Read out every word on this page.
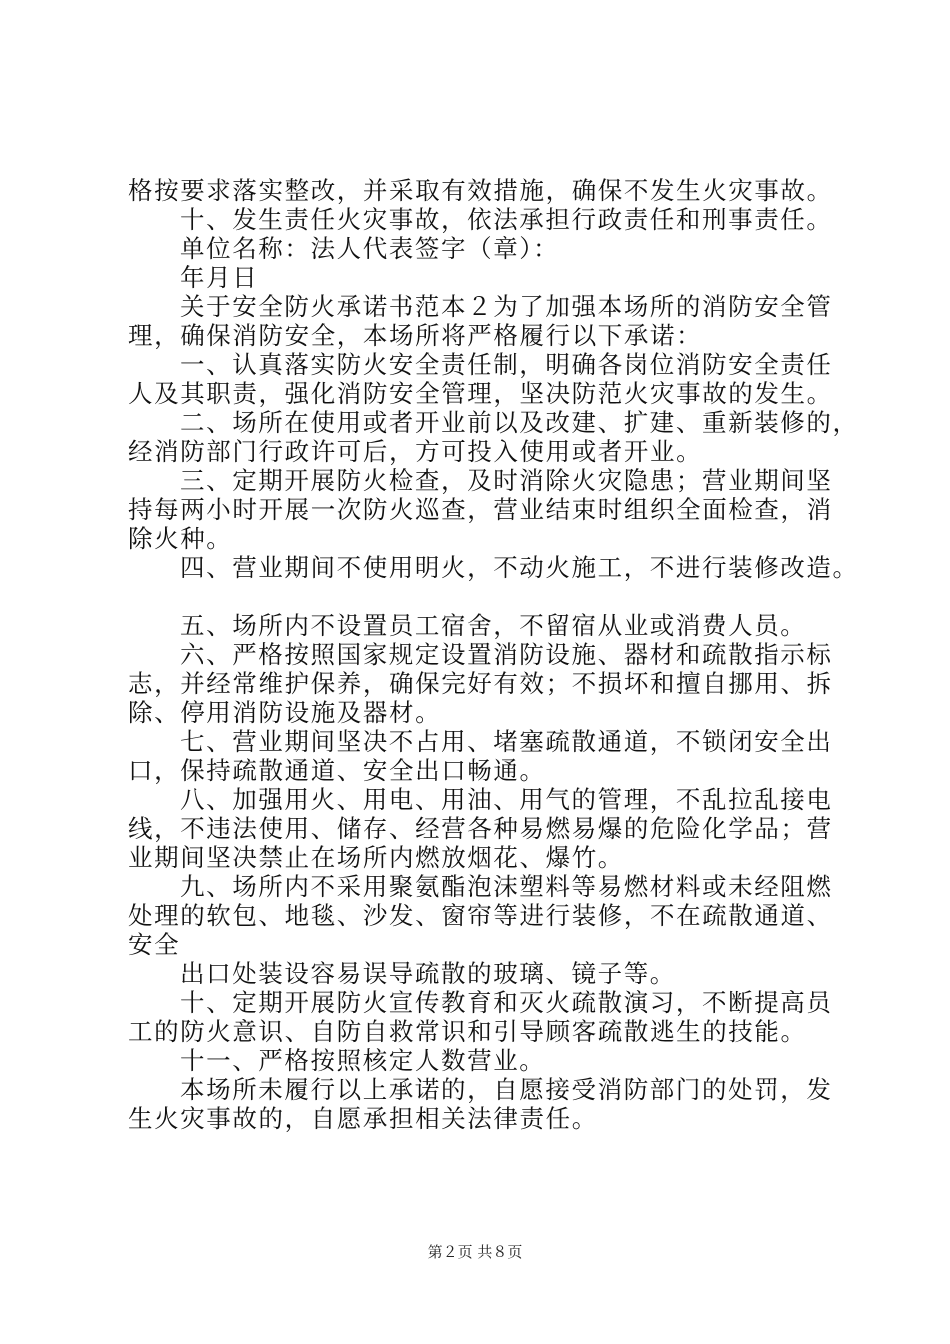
格按要求落实整改，并采取有效措施，确保不发生火灾事故。
十、发生责任火灾事故，依法承担行政责任和刑事责任。
单位名称：法人代表签字（章）：
年月日
关于安全防火承诺书范本２为了加强本场所的消防安全管
理，确保消防安全，本场所将严格履行以下承诺：
一、认真落实防火安全责任制，明确各岗位消防安全责任
人及其职责，强化消防安全管理，坚决防范火灾事故的发生。
二、场所在使用或者开业前以及改建、扩建、重新装修的，
经消防部门行政许可后，方可投入使用或者开业。
三、定期开展防火检查，及时消除火灾隐患；营业期间坚
持每两小时开展一次防火巡查，营业结束时组织全面检查，消
除火种。
四、营业期间不使用明火，不动火施工，不进行装修改造。
五、场所内不设置员工宿舍，不留宿从业或消费人员。
六、严格按照国家规定设置消防设施、器材和疏散指示标
志，并经常维护保养，确保完好有效；不损坏和擅自挪用、拆
除、停用消防设施及器材。
七、营业期间坚决不占用、堵塞疏散通道，不锁闭安全出
口，保持疏散通道、安全出口畅通。
八、加强用火、用电、用油、用气的管理，不乱拉乱接电
线，不违法使用、储存、经营各种易燃易爆的危险化学品；营
业期间坚决禁止在场所内燃放烟花、爆竹。
九、场所内不采用聚氨酯泡沫塑料等易燃材料或未经阻燃
处理的软包、地毯、沙发、窗帘等进行装修，不在疏散通道、
安全
出口处装设容易误导疏散的玻璃、镜子等。
十、定期开展防火宣传教育和灭火疏散演习，不断提高员
工的防火意识、自防自救常识和引导顾客疏散逃生的技能。
十一、严格按照核定人数营业。
本场所未履行以上承诺的，自愿接受消防部门的处罚，发
生火灾事故的，自愿承担相关法律责任。
第２页 共８页
